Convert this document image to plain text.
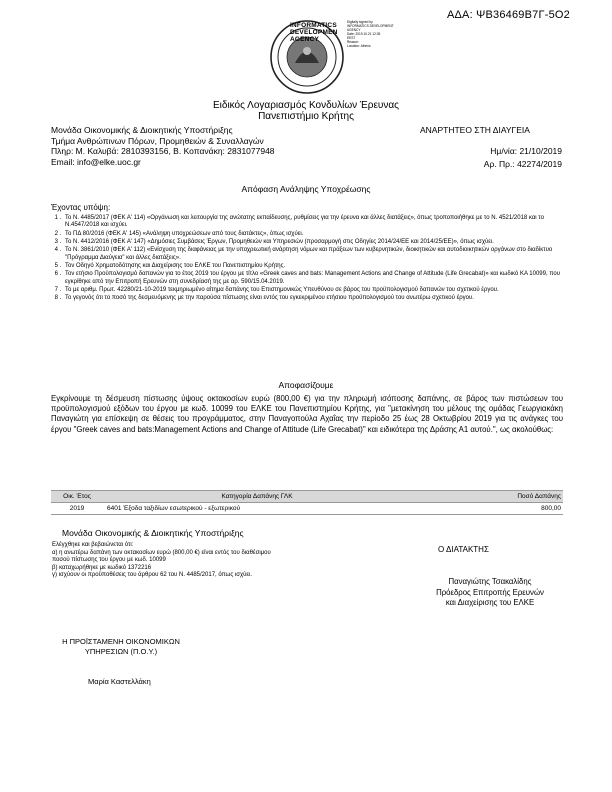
ΑΔΑ: ΨΒ36469Β7Γ-5Ο2
INFORMATICS
DEVELOPMEN
AGENCY
Digitally signed by
INFORMATICS DEVELOPMENT
AGENCY
Date: 2019.10.21 12:35
EEST
Reason:
Location: Athens
Ειδικός Λογαριασμός Κονδυλίων Έρευνας
Πανεπιστήμιο Κρήτης
Μονάδα Οικονομικής & Διοικητικής Υποστήριξης
Τμήμα Ανθρώπινων Πόρων, Προμηθειών & Συναλλαγών
Πληρ: Μ. Καλυβά: 2810393156, Β. Κοπανάκη: 2831077948
Email: info@elke.uoc.gr
ΑΝΑΡΤΗΤΕΟ ΣΤΗ ΔΙΑΥΓΕΙΑ
Ημ/νία: 21/10/2019
Αρ. Πρ.: 42274/2019
Απόφαση Ανάληψης Υποχρέωσης
Έχοντας υπόψη:
1 . Το Ν. 4485/2017 (ΦΕΚ Α' 114) «Οργάνωση και λειτουργία της ανώτατης εκπαίδευσης, ρυθμίσεις για την έρευνα και άλλες διατάξεις», όπως τροποποιήθηκε με το Ν. 4521/2018 και το Ν.4547/2018 και ισχύει.
2 . Το ΠΔ 80/2016 (ΦΕΚ Α' 145) «Ανάληψη υποχρεώσεων από τους διατάκτες», όπως ισχύει.
3 . Το Ν. 4412/2016 (ΦΕΚ Α' 147) «Δημόσιες Συμβάσεις Έργων, Προμηθειών και Υπηρεσιών (προσαρμογή στις Οδηγίες 2014/24/ΕΕ και 2014/25/ΕΕ)», όπως ισχύει.
4 . Το Ν. 3861/2010 (ΦΕΚ Α' 112) «Ενίσχυση της διαφάνειας με την υποχρεωτική ανάρτηση νόμων και πράξεων των κυβερνητικών, διοικητικών και αυτοδιοικητικών οργάνων στο διαδίκτυο "Πρόγραμμα Διαύγεια" και άλλες διατάξεις».
5 . Τον Οδηγό Χρηματοδότησης και Διαχείρισης του ΕΛΚΕ του Πανεπιστημίου Κρήτης.
6 . Τον ετήσιο Προϋπολογισμό δαπανών για το έτος 2019 του έργου με τίτλο «Greek caves and bats: Management Actions and Change of Attitude (Life Grecabat)» και κωδικό ΚΑ 10099, που εγκρίθηκε από την Επιτροπή Ερευνών στη συνεδρίασή της με αρ. 590/15.04.2019.
7 . Το με αριθμ. Πρωτ. 42280/21-10-2019 τεκμηριωμένο αίτημα δαπάνης του Επιστημονικώς Υπευθύνου σε βάρος του προϋπολογισμού δαπανών του σχετικού έργου.
8 . Το γεγονός ότι το ποσό της δεσμευόμενης με την παρούσα πίστωσης είναι εντός του εγκεκριμένου ετήσιου προϋπολογισμού του ανωτέρω σχετικού έργου.
Αποφασίζουμε
Εγκρίνουμε τη δέσμευση πίστωσης ύψους οκτακοσίων ευρώ (800,00 €) για την πληρωμή ισόποσης δαπάνης, σε βάρος των πιστώσεων του προϋπολογισμού εξόδων του έργου με κωδ. 10099 του ΕΛΚΕ του Πανεπιστημίου Κρήτης, για "μετακίνηση του μέλους της ομάδας Γεωργιακάκη Παναγιώτη για επίσκεψη σε θέσεις του προγράμματος, στην Παναγοπούλα Αχαΐας την περίοδο 25 έως 28 Οκτωβρίου 2019 για τις ανάγκες του έργου "Greek caves and bats:Management Actions and Change of Attitude (Life Grecabat)" και ειδικότερα της Δράσης Α1 αυτού.", ως ακολούθως:
Οικ. Έτος	Κατηγορία Δαπάνης ΓΛΚ	Ποσό Δαπάνης
2019	6401 Έξοδα ταξιδίων εσωτερικού - εξωτερικού	800,00
Μονάδα Οικονομικής & Διοικητικής Υποστήριξης
Ελέγχθηκε και βεβαιώνεται ότι:
α) η ανωτέρω δαπάνη των οκτακοσίων ευρώ (800,00 €) είναι εντός του διαθέσιμου
ποσού πίστωσης του έργου με κωδ. 10099
β) καταχωρήθηκε με κωδικό 1372216
γ) ισχύουν οι προϋποθέσεις του άρθρου 62 του Ν. 4485/2017, όπως ισχύει.
Ο ΔΙΑΤΑΚΤΗΣ
Παναγιώτης Τσακαλίδης
Πρόεδρος Επιτροπής Ερευνών
και Διαχείρισης του ΕΛΚΕ
Η ΠΡΟΪΣΤΑΜΕΝΗ ΟΙΚΟΝΟΜΙΚΩΝ
ΥΠΗΡΕΣΙΩΝ (Π.Ο.Υ.)
Μαρία Καστελλάκη
